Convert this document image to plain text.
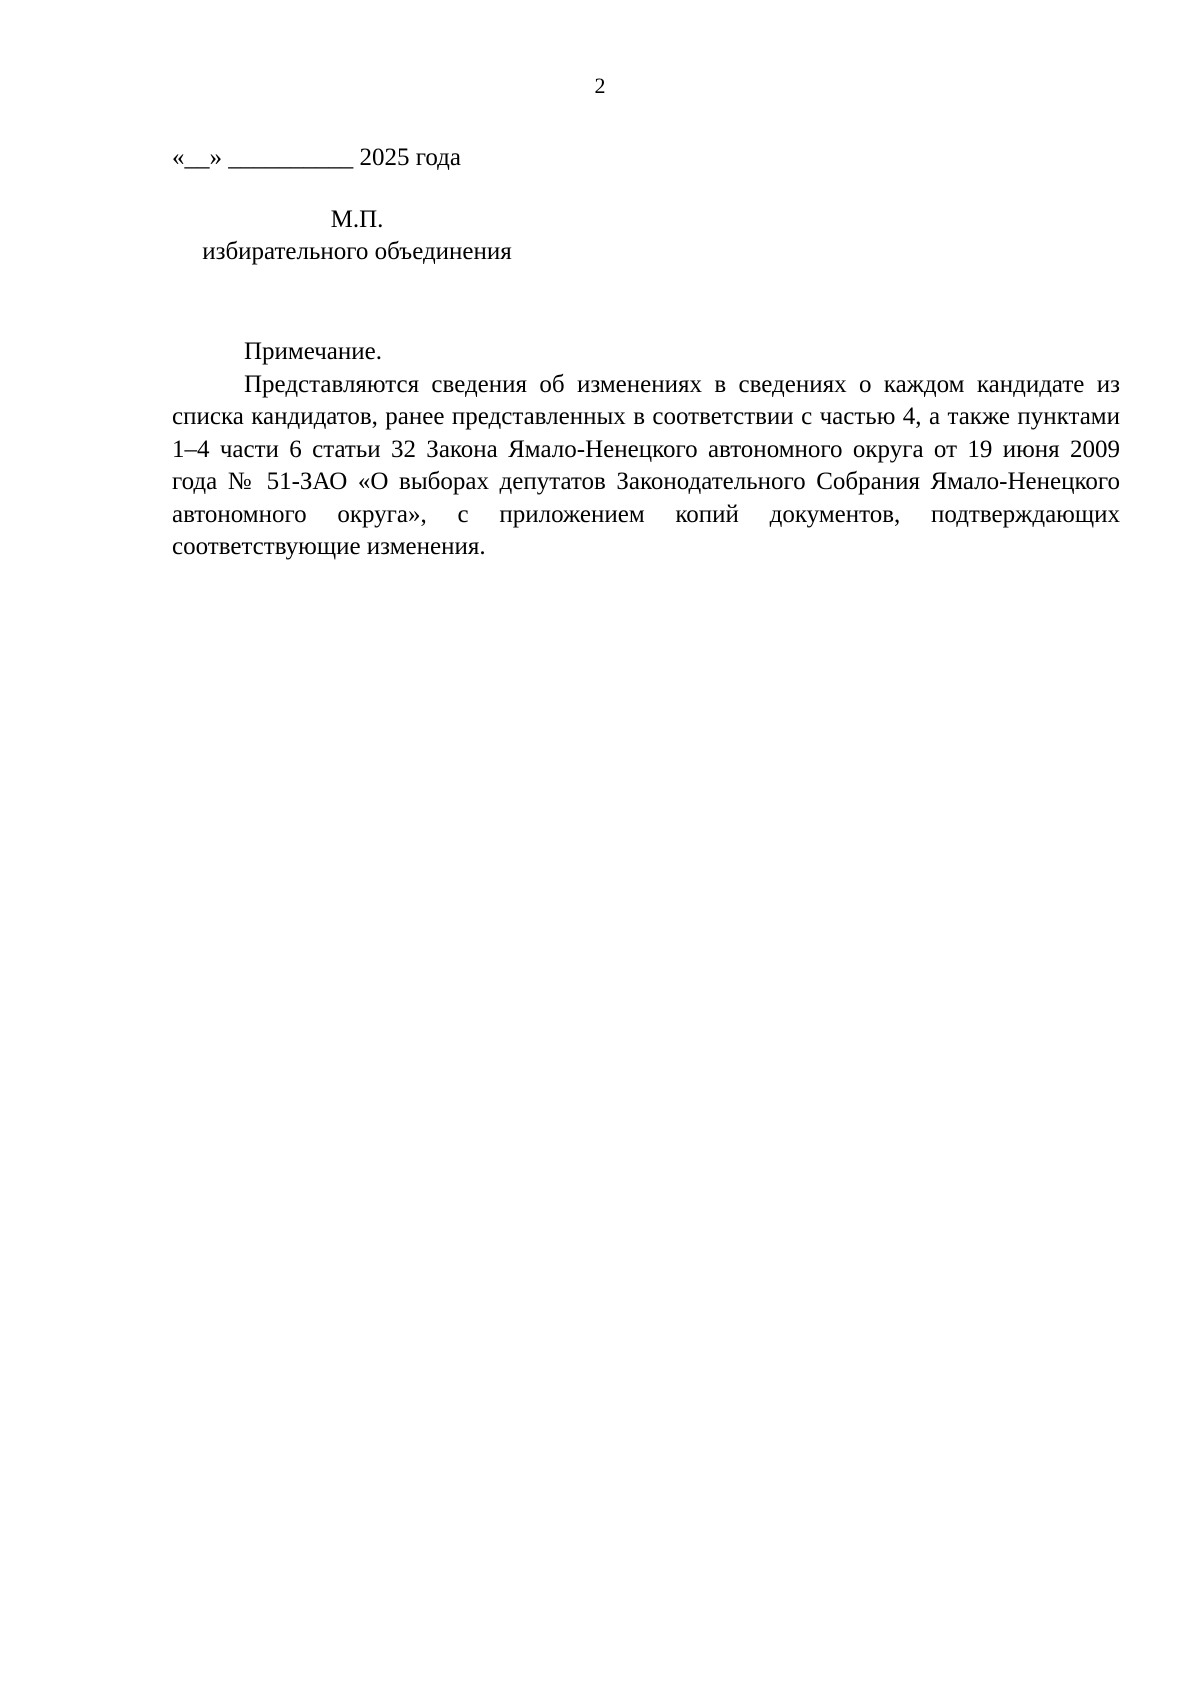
2
«__» __________ 2025 года
М.П.
избирательного объединения

Примечание.

Представляются сведения об изменениях в сведениях о каждом кандидате из списка кандидатов, ранее представленных в соответствии с частью 4, а также пунктами 1–4 части 6 статьи 32 Закона Ямало-Ненецкого автономного округа от 19 июня 2009 года № 51-ЗАО «О выборах депутатов Законодательного Собрания Ямало-Ненецкого автономного округа», с приложением копий документов, подтверждающих соответствующие изменения.
